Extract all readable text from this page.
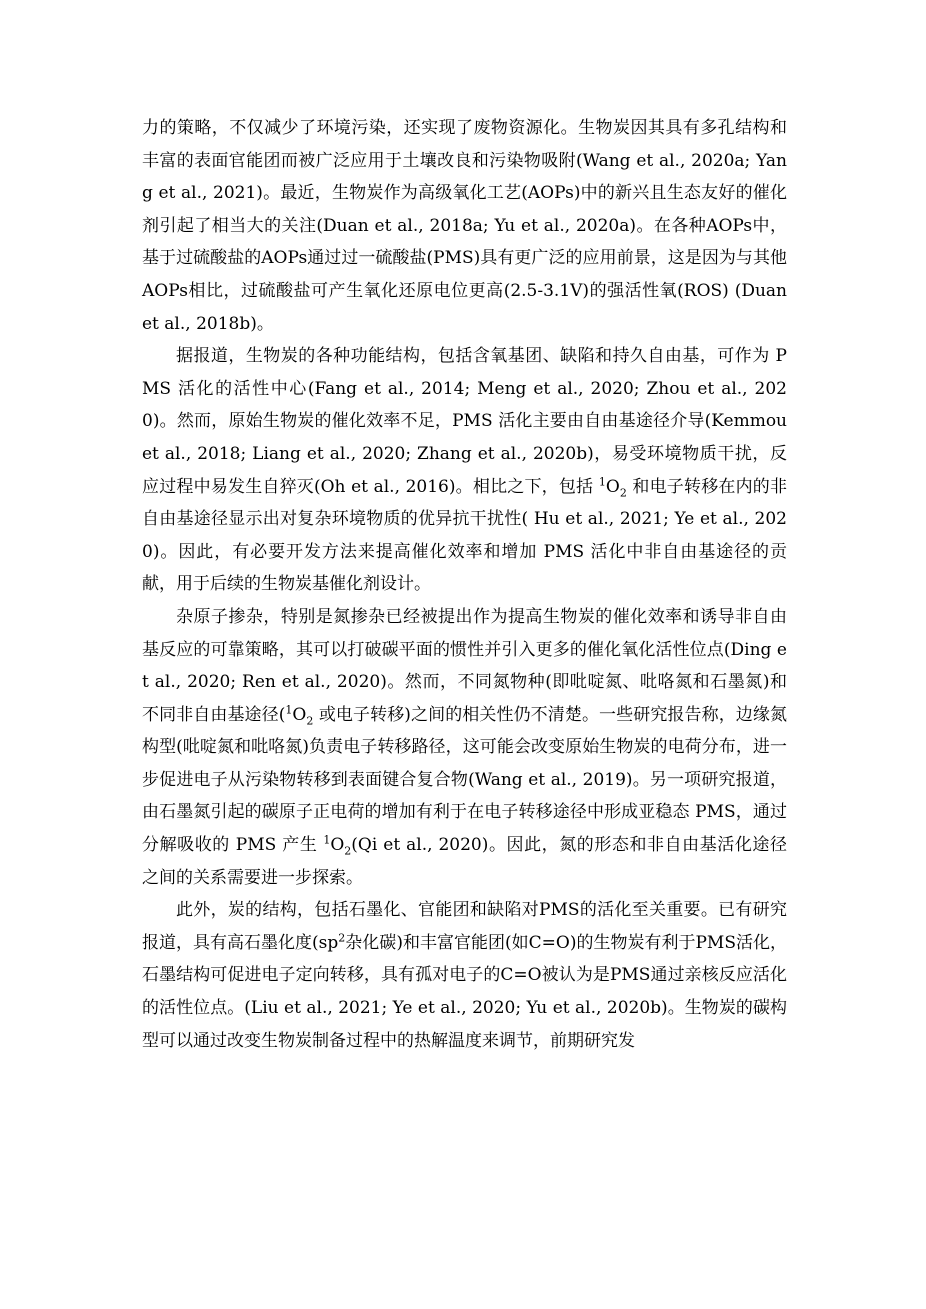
力的策略，不仅减少了环境污染，还实现了废物资源化。生物炭因其具有多孔结构和丰富的表面官能团而被广泛应用于土壤改良和污染物吸附(Wang et al., 2020a; Yang et al., 2021)。最近，生物炭作为高级氧化工艺(AOPs)中的新兴且生态友好的催化剂引起了相当大的关注(Duan et al., 2018a; Yu et al., 2020a)。在各种AOPs中，基于过硫酸盐的AOPs通过过一硫酸盐(PMS)具有更广泛的应用前景，这是因为与其他AOPs相比，过硫酸盐可产生氧化还原电位更高(2.5-3.1V)的强活性氧(ROS) (Duan et al., 2018b)。

据报道，生物炭的各种功能结构，包括含氧基团、缺陷和持久自由基，可作为 PMS 活化的活性中心(Fang et al., 2014; Meng et al., 2020; Zhou et al., 2020)。然而，原始生物炭的催化效率不足，PMS 活化主要由自由基途径介导(Kemmou et al., 2018; Liang et al., 2020; Zhang et al., 2020b)，易受环境物质干扰，反应过程中易发生自猝灭(Oh et al., 2016)。相比之下，包括 $^1O_2$ 和电子转移在内的非自由基途径显示出对复杂环境物质的优异抗干扰性( Hu et al., 2021; Ye et al., 2020)。因此，有必要开发方法来提高催化效率和增加 PMS 活化中非自由基途径的贡献，用于后续的生物炭基催化剂设计。

杂原子掺杂，特别是氮掺杂已经被提出作为提高生物炭的催化效率和诱导非自由基反应的可靠策略，其可以打破碳平面的惯性并引入更多的催化氧化活性位点(Ding et al., 2020; Ren et al., 2020)。然而，不同氮物种(即吡啶氮、吡咯氮和石墨氮)和不同非自由基途径($^1O_2$ 或电子转移)之间的相关性仍不清楚。一些研究报告称，边缘氮构型(吡啶氮和吡咯氮)负责电子转移路径，这可能会改变原始生物炭的电荷分布，进一步促进电子从污染物转移到表面键合复合物(Wang et al., 2019)。另一项研究报道，由石墨氮引起的碳原子正电荷的增加有利于在电子转移途径中形成亚稳态 PMS，通过分解吸收的 PMS 产生 $^1O_2(Qi$ et al., 2020)。因此，氮的形态和非自由基活化途径之间的关系需要进一步探索。

此外，炭的结构，包括石墨化、官能团和缺陷对PMS的活化至关重要。已有研究报道，具有高石墨化度($sp^2$杂化碳)和丰富官能团(如C=O)的生物炭有利于PMS活化，石墨结构可促进电子定向转移，具有孤对电子的C=O被认为是PMS通过亲核反应活化的活性位点。(Liu et al., 2021; Ye et al., 2020; Yu et al., 2020b)。生物炭的碳构型可以通过改变生物炭制备过程中的热解温度来调节，前期研究发
